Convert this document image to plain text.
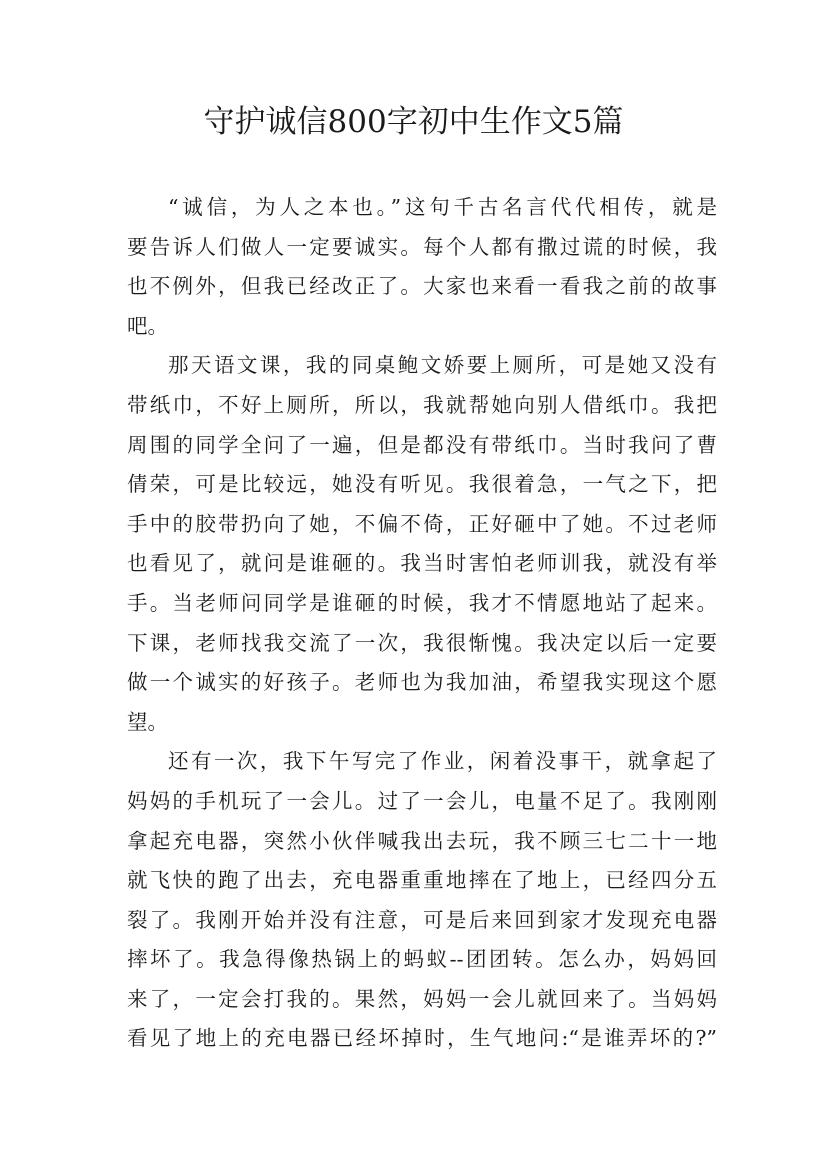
守护诚信800字初中生作文5篇
“诚信，为人之本也。”这句千古名言代代相传，就是
要告诉人们做人一定要诚实。每个人都有撒过谎的时候，我
也不例外，但我已经改正了。大家也来看一看我之前的故事
吧。
那天语文课，我的同桌鲍文娇要上厕所，可是她又没有
带纸巾，不好上厕所，所以，我就帮她向别人借纸巾。我把
周围的同学全问了一遍，但是都没有带纸巾。当时我问了曹
倩荣，可是比较远，她没有听见。我很着急，一气之下，把
手中的胶带扔向了她，不偏不倚，正好砸中了她。不过老师
也看见了，就问是谁砸的。我当时害怕老师训我，就没有举
手。当老师问同学是谁砸的时候，我才不情愿地站了起来。
下课，老师找我交流了一次，我很惭愧。我决定以后一定要
做一个诚实的好孩子。老师也为我加油，希望我实现这个愿
望。
还有一次，我下午写完了作业，闲着没事干，就拿起了
妈妈的手机玩了一会儿。过了一会儿，电量不足了。我刚刚
拿起充电器，突然小伙伴喊我出去玩，我不顾三七二十一地
就飞快的跑了出去，充电器重重地摔在了地上，已经四分五
裂了。我刚开始并没有注意，可是后来回到家才发现充电器
摔坏了。我急得像热锅上的蚂蚁--团团转。怎么办，妈妈回
来了，一定会打我的。果然，妈妈一会儿就回来了。当妈妈
看见了地上的充电器已经坏掉时，生气地问:“是谁弄坏的?”
